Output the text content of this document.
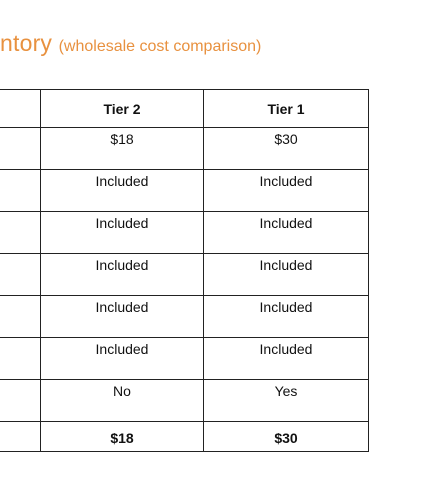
ntory (wholesale cost comparison)
	Tier 2	Tier 1
	$18	$30
	Included	Included
	Included	Included
	Included	Included
	Included	Included
	Included	Included
	No	Yes
	$18	$30
